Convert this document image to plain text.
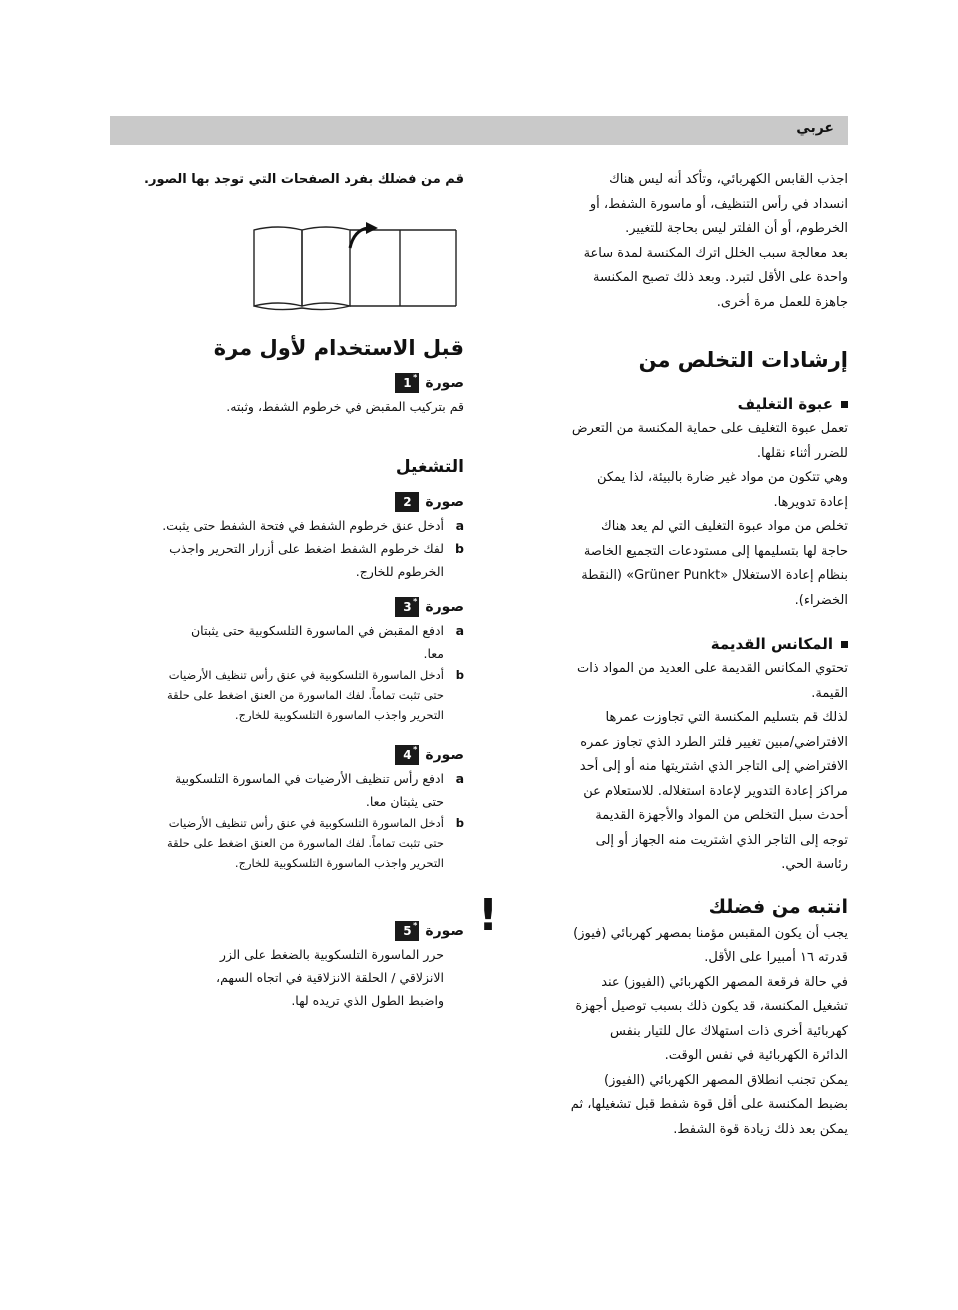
عربي
اجذب القابس الكهربائي، وتأكد أنه ليس هناك
انسداد في رأس التنظيف، أو ماسورة الشفط، أو
الخرطوم، أو أن الفلتر ليس بحاجة للتغيير.
بعد معالجة سبب الخلل اترك المكنسة لمدة ساعة
واحدة على الأقل لتبرد. وبعد ذلك تصبح المكنسة
جاهزة للعمل مرة أخرى.
إرشادات التخلص من
عبوة التغليف
تعمل عبوة التغليف على حماية المكنسة من التعرض
للضرر أثناء نقلها.
وهي تتكون من مواد غير ضارة بالبيئة، لذا يمكن
إعادة تدويرها.
تخلص من مواد عبوة التغليف التي لم يعد هناك
حاجة لها بتسليمها إلى مستودعات التجميع الخاصة
بنظام إعادة الاستغلال «Grüner Punkt» (النقطة
الخضراء).
المكانس القديمة
تحتوي المكانس القديمة على العديد من المواد ذات
القيمة.
لذلك قم بتسليم المكنسة التي تجاوزت عمرها
الافتراضي/مبين تغيير فلتر الطرد الذي تجاوز عمره
الافتراضي إلى التاجر الذي اشتريتها منه أو إلى أحد
مراكز إعادة التدوير لإعادة استغلاله. للاستعلام عن
أحدث سبل التخلص من المواد والأجهزة القديمة
توجه إلى التاجر الذي اشتريت منه الجهاز أو إلى
رئاسة الحي.
!	انتبه من فضلك
يجب أن يكون المقبس مؤمنا بمصهر كهربائي (فيوز)
قدرته ١٦ أمبيرا على الأقل.
في حالة فرقعة المصهر الكهربائي (الفيوز) عند
تشغيل المكنسة، قد يكون ذلك بسبب توصيل أجهزة
كهربائية أخرى ذات استهلاك عال للتيار بنفس
الدائرة الكهربائية في نفس الوقت.
يمكن تجنب انطلاق المصهر الكهربائي (الفيوز)
بضبط المكنسة على أقل قوة شفط قبل تشغيلها، ثم
يمكن بعد ذلك زيادة قوة الشفط.
قم من فضلك بفرد الصفحات التي توجد بها الصور.
قبل الاستخدام لأول مرة
صورة
1 *
قم بتركيب المقبض في خرطوم الشفط، وثبته.
التشغيل
صورة
2
a
أدخل عنق خرطوم الشفط في فتحة الشفط حتى يثبت.
b
لفك خرطوم الشفط اضغط على أزرار التحرير واجذب
الخرطوم للخارج.
صورة
3 *
a
ادفع المقبض في الماسورة التلسكوبية حتى يثبتان
معا.
b
أدخل الماسورة التلسكوبية في عنق رأس تنظيف الأرضيات
حتى تثبت تماماً. لفك الماسورة من العنق اضغط على حلقة
التحرير واجذب الماسورة التلسكوبية للخارج.
صورة
4 *
a
ادفع رأس تنظيف الأرضيات في الماسورة التلسكوبية
حتى يثبتان معا.
b
أدخل الماسورة التلسكوبية في عنق رأس تنظيف الأرضيات
حتى تثبت تماماً. لفك الماسورة من العنق اضغط على حلقة
التحرير واجذب الماسورة التلسكوبية للخارج.
صورة
5 *
حرر الماسورة التلسكوبية بالضغط على الزر
الانزلاقي / الحلقة الانزلاقية في اتجاه السهم،
واضبط الطول الذي تريده لها.
